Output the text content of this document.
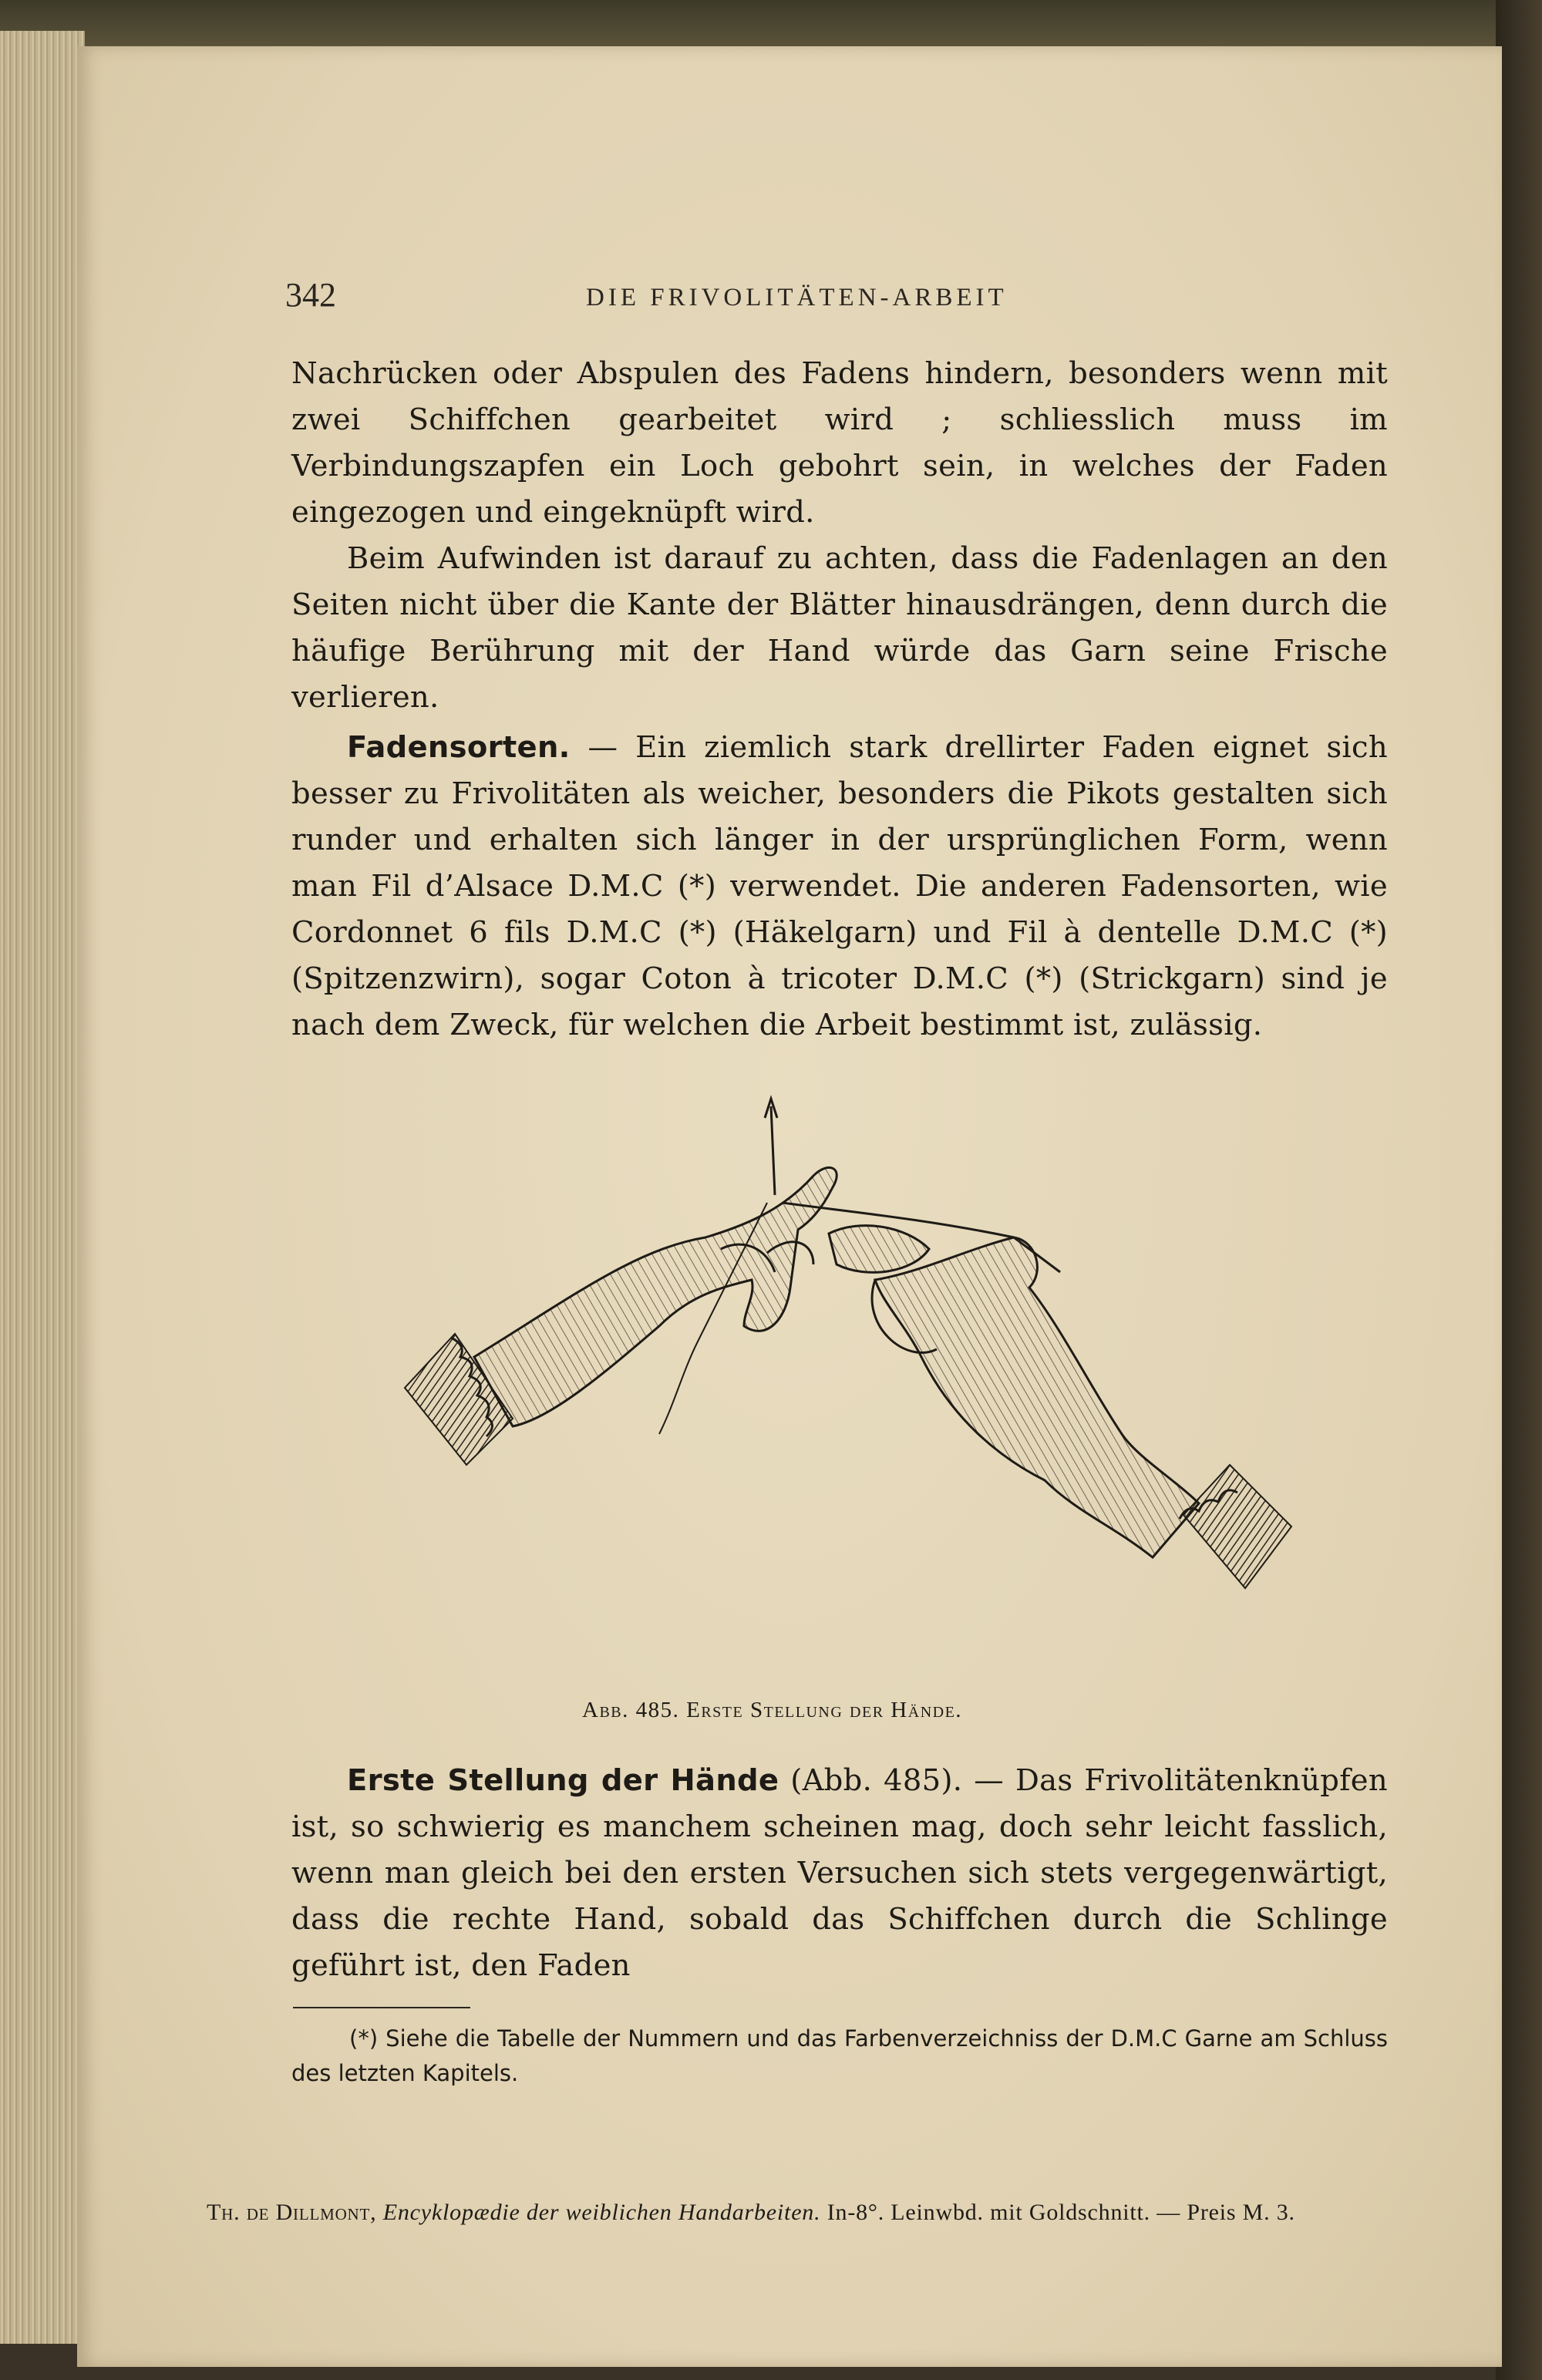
342	DIE FRIVOLITÄTEN-ARBEIT

Nachrücken oder Abspulen des Fadens hindern, besonders wenn mit zwei Schiffchen gearbeitet wird ; schliesslich muss im Verbindungszapfen ein Loch gebohrt sein, in welches der Faden eingezogen und eingeknüpft wird.

Beim Aufwinden ist darauf zu achten, dass die Fadenlagen an den Seiten nicht über die Kante der Blätter hinausdrängen, denn durch die häufige Berührung mit der Hand würde das Garn seine Frische verlieren.

Fadensorten. — Ein ziemlich stark drellirter Faden eignet sich besser zu Frivolitäten als weicher, besonders die Pikots gestalten sich runder und erhalten sich länger in der ursprünglichen Form, wenn man Fil d’Alsace D.M.C (*) verwendet. Die anderen Fadensorten, wie Cordonnet 6 fils D.M.C (*) (Häkelgarn) und Fil à dentelle D.M.C (*) (Spitzenzwirn), sogar Coton à tricoter D.M.C (*) (Strickgarn) sind je nach dem Zweck, für welchen die Arbeit bestimmt ist, zulässig.

Abb. 485. Erste Stellung der Hände.

Erste Stellung der Hände (Abb. 485). — Das Frivolitätenknüpfen ist, so schwierig es manchem scheinen mag, doch sehr leicht fasslich, wenn man gleich bei den ersten Versuchen sich stets vergegenwärtigt, dass die rechte Hand, sobald das Schiffchen durch die Schlinge geführt ist, den Faden

(*) Siehe die Tabelle der Nummern und das Farbenverzeichniss der D.M.C Garne am Schluss des letzten Kapitels.

Th. de Dillmont, Encyklopædie der weiblichen Handarbeiten. In-8°. Leinwbd. mit Goldschnitt. — Preis M. 3.
